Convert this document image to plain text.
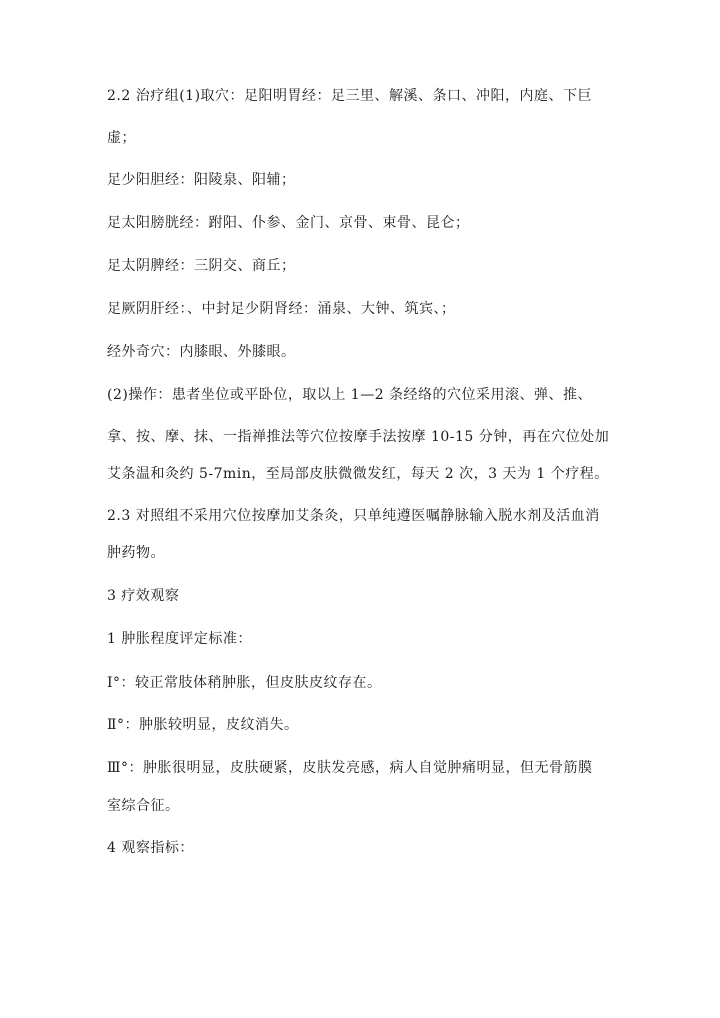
2.2 治疗组(1)取穴：足阳明胃经：足三里、解溪、条口、冲阳，内庭、下巨
虚；
足少阳胆经：阳陵泉、阳辅；
足太阳膀胱经：跗阳、仆参、金门、京骨、束骨、昆仑；
足太阴脾经：三阴交、商丘；
足厥阴肝经：、中封足少阴肾经：涌泉、大钟、筑宾、；
经外奇穴：内膝眼、外膝眼。
(2)操作：患者坐位或平卧位，取以上 1—2 条经络的穴位采用滚、弹、推、
拿、按、摩、抹、一指禅推法等穴位按摩手法按摩 10-15 分钟，再在穴位处加
艾条温和灸约 5-7min，至局部皮肤微微发红，每天 2 次，3 天为 1 个疗程。
2.3 对照组不采用穴位按摩加艾条灸，只单纯遵医嘱静脉输入脱水剂及活血消
肿药物。
3 疗效观察
1 肿胀程度评定标准：
Ⅰ°：较正常肢体稍肿胀，但皮肤皮纹存在。
Ⅱ°：肿胀较明显，皮纹消失。
Ⅲ°：肿胀很明显，皮肤硬紧，皮肤发亮感，病人自觉肿痛明显，但无骨筋膜
室综合征。
4 观察指标：
